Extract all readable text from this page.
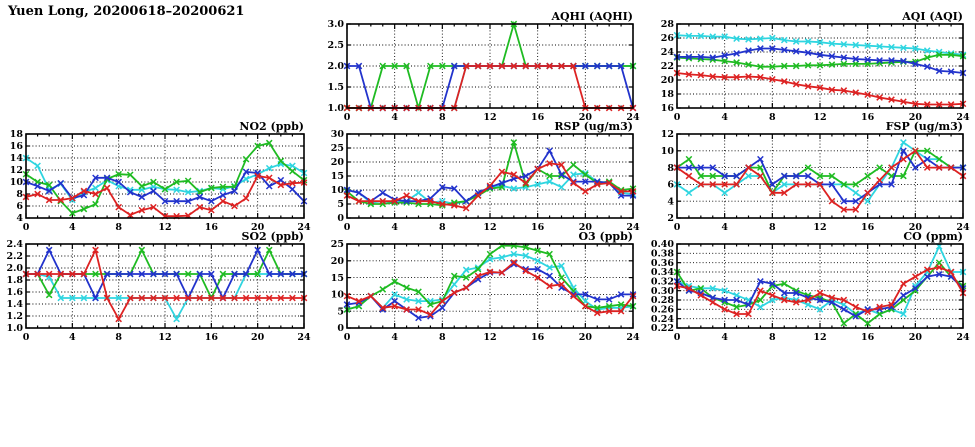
Yuen Long, 20200618–20200621
1.0
1.5
2.0
2.5
3.0
0	4	8	12	16	20	24
AQHI (AQHI)
16
18
20
22
24
26
28
0	4	8	12	16	20	24
AQI (AQI)
4
6
8
10
12
14
16
18
0	4	8	12	16	20	24
NO2 (ppb)
0
5
10
15
20
25
30
0	4	8	12	16	20	24
RSP (ug/m3)
2
4
6
8
10
12
0	4	8	12	16	20	24
FSP (ug/m3)
1.0
1.2
1.4
1.6
1.8
2.0
2.2
2.4
0	4	8	12	16	20	24
SO2 (ppb)
0
5
10
15
20
25
0	4	8	12	16	20	24
O3 (ppb)
0.22
0.24
0.26
0.28
0.30
0.32
0.34
0.36
0.38
0.40
0	4	8	12	16	20	24
CO (ppm)
